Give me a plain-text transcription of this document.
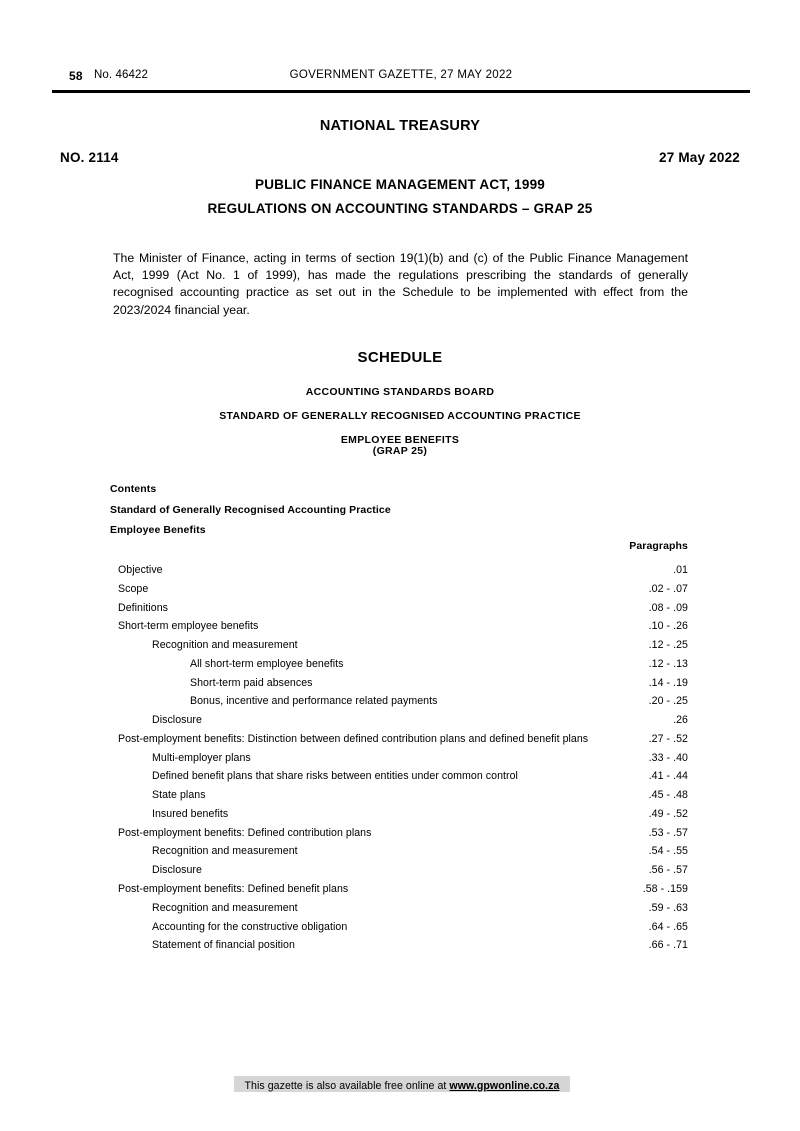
58 No. 46422	GOVERNMENT GAZETTE, 27 MAY 2022
NATIONAL TREASURY
NO. 2114	27 May 2022
PUBLIC FINANCE MANAGEMENT ACT, 1999
REGULATIONS ON ACCOUNTING STANDARDS – GRAP 25
The Minister of Finance, acting in terms of section 19(1)(b) and (c) of the Public Finance Management Act, 1999 (Act No. 1 of 1999), has made the regulations prescribing the standards of generally recognised accounting practice as set out in the Schedule to be implemented with effect from the 2023/2024 financial year.
SCHEDULE
ACCOUNTING STANDARDS BOARD
STANDARD OF GENERALLY RECOGNISED ACCOUNTING PRACTICE
EMPLOYEE BENEFITS
(GRAP 25)
Contents
Standard of Generally Recognised Accounting Practice
Employee Benefits
Paragraphs
Objective	.01
Scope	.02 - .07
Definitions	.08 - .09
Short-term employee benefits	.10 - .26
Recognition and measurement	.12 - .25
All short-term employee benefits	.12 - .13
Short-term paid absences	.14 - .19
Bonus, incentive and performance related payments	.20 - .25
Disclosure	.26
Post-employment benefits: Distinction between defined contribution plans and defined benefit plans	.27 - .52
Multi-employer plans	.33 - .40
Defined benefit plans that share risks between entities under common control	.41 - .44
State plans	.45 - .48
Insured benefits	.49 - .52
Post-employment benefits: Defined contribution plans	.53 - .57
Recognition and measurement	.54 - .55
Disclosure	.56 - .57
Post-employment benefits: Defined benefit plans	.58 - .159
Recognition and measurement	.59 - .63
Accounting for the constructive obligation	.64 - .65
Statement of financial position	.66 - .71
This gazette is also available free online at www.gpwonline.co.za
